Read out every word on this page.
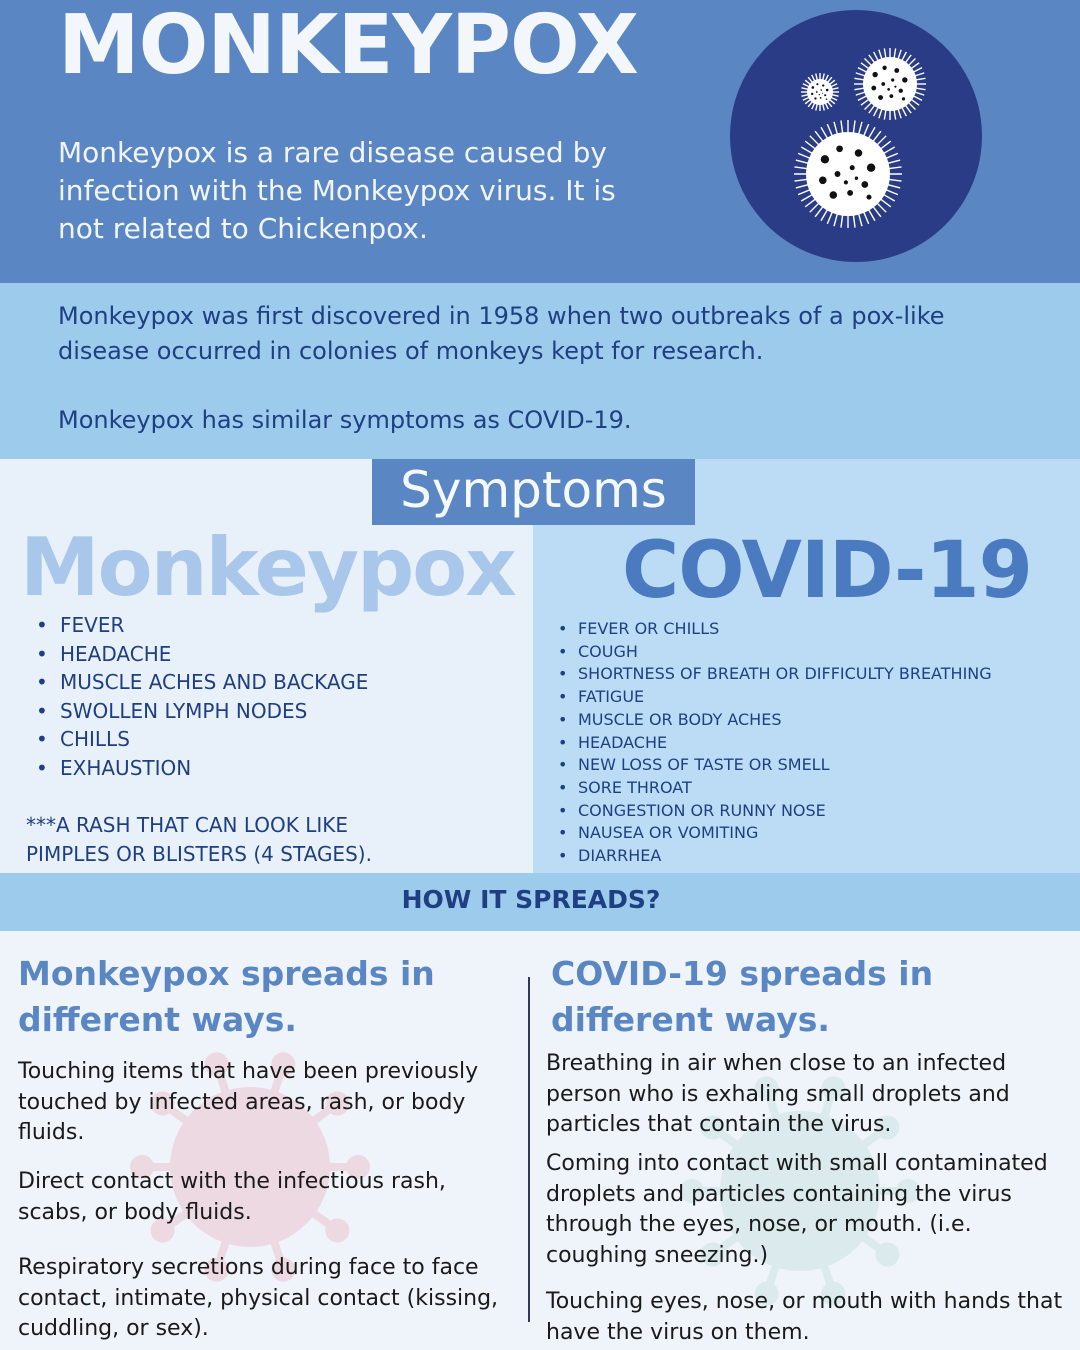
MONKEYPOX

Monkeypox is a rare disease caused by infection with the Monkeypox virus. It is not related to Chickenpox.

Monkeypox was first discovered in 1958 when two outbreaks of a pox-like disease occurred in colonies of monkeys kept for research.

Monkeypox has similar symptoms as COVID-19.

Symptoms
Monkeypox COVID-19
• FEVER
• HEADACHE
• MUSCLE ACHES AND BACKAGE
• SWOLLEN LYMPH NODES
• CHILLS
• EXHAUSTION

***A RASH THAT CAN LOOK LIKE PIMPLES OR BLISTERS (4 STAGES).

• FEVER OR CHILLS
• COUGH
• SHORTNESS OF BREATH OR DIFFICULTY BREATHING
• FATIGUE
• MUSCLE OR BODY ACHES
• HEADACHE
• NEW LOSS OF TASTE OR SMELL
• SORE THROAT
• CONGESTION OR RUNNY NOSE
• NAUSEA OR VOMITING
• DIARRHEA
HOW IT SPREADS?
Monkeypox spreads in different ways.

Touching items that have been previously touched by infected areas, rash, or body fluids.

Direct contact with the infectious rash, scabs, or body fluids.

Respiratory secretions during face to face contact, intimate, physical contact (kissing, cuddling, or sex).

COVID-19 spreads in different ways.

Breathing in air when close to an infected person who is exhaling small droplets and particles that contain the virus.

Coming into contact with small contaminated droplets and particles containing the virus through the eyes, nose, or mouth. (i.e. coughing sneezing.)

Touching eyes, nose, or mouth with hands that have the virus on them.
